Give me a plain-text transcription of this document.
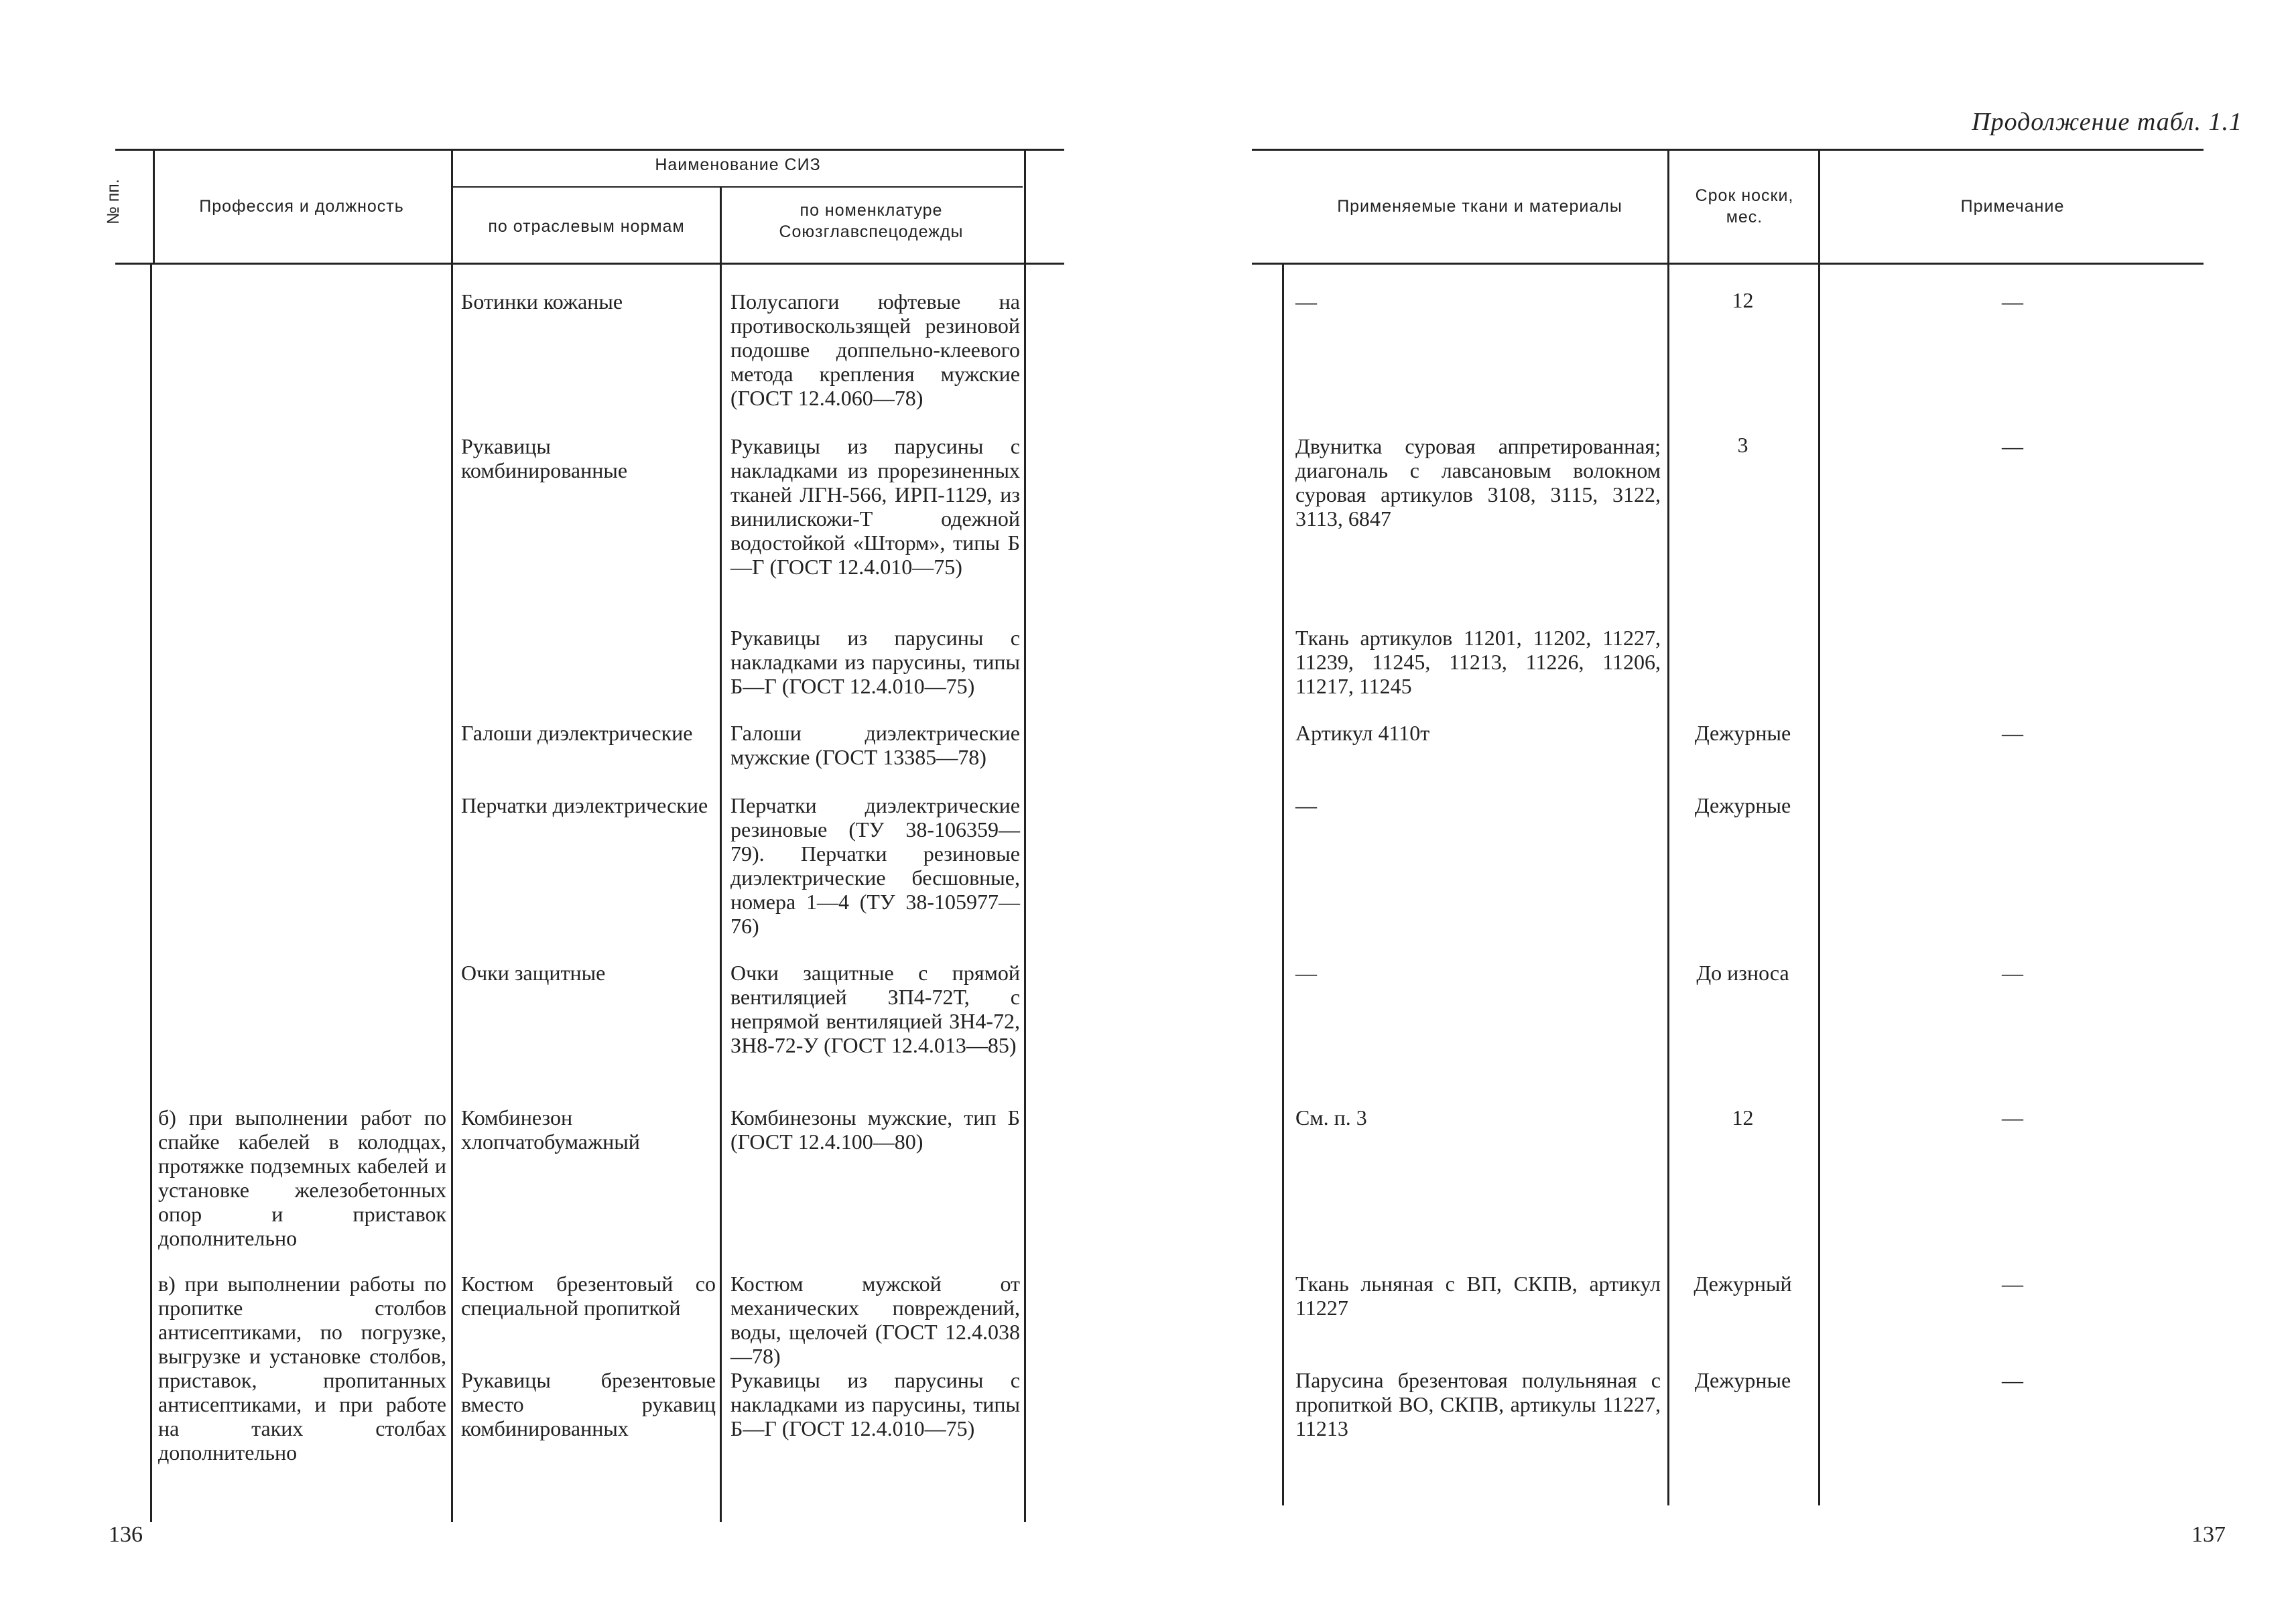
№ пп.	Профессия и должность
Наименование СИЗ
по отраслевым нормам
по номенклатуре Союзглавспецодежды
Ботинки кожаные
Рукавицы комбинированные
Галоши диэлектрические
Перчатки диэлектрические
Очки защитные
Комбинезон хлопчатобумажный
Костюм брезентовый со специальной пропиткой
Рукавицы брезентовые вместо рукавиц комбинированных
Полусапоги юфтевые на противоскользящей резиновой подошве доппельно-клеевого метода крепления мужские (ГОСТ 12.4.060—78)
Рукавицы из парусины с накладками из прорезиненных тканей ЛГН-566, ИРП-1129, из винилискожи-Т одежной водостойкой «Шторм», типы Б—Г (ГОСТ 12.4.010—75)
Рукавицы из парусины с накладками из парусины, типы Б—Г (ГОСТ 12.4.010—75)
Галоши диэлектрические мужские (ГОСТ 13385—78)
Перчатки диэлектрические резиновые (ТУ 38-106359—79). Перчатки резиновые диэлектрические бесшовные, номера 1—4 (ТУ 38-105977—76)
Очки защитные с прямой вентиляцией ЗП4-72Т, с непрямой вентиляцией ЗН4-72, ЗН8-72-У (ГОСТ 12.4.013—85)
Комбинезоны мужские, тип Б (ГОСТ 12.4.100—80)
Костюм мужской от механических повреждений, воды, щелочей (ГОСТ 12.4.038—78)
Рукавицы из парусины с накладками из парусины, типы Б—Г (ГОСТ 12.4.010—75)
б) при выполнении работ по спайке кабелей в колодцах, протяжке подземных кабелей и установке железобетонных опор и приставок дополнительно
в) при выполнении работы по пропитке столбов антисептиками, по погрузке, выгрузке и установке столбов, приставок, пропитанных антисептиками, и при работе на таких столбах дополнительно
136
Продолжение табл. 1.1
Применяемые ткани и материалы
Срок носки, мес.
Примечание
—
Двунитка суровая аппретированная; диагональ с лавсановым волокном суровая артикулов 3108, 3115, 3122, 3113, 6847
Ткань артикулов 11201, 11202, 11227, 11239, 11245, 11213, 11226, 11206, 11217, 11245
Артикул 4110т
—
—
См. п. 3
Ткань льняная с ВП, СКПВ, артикул 11227
Парусина брезентовая полульняная с пропиткой ВО, СКПВ, артикулы 11227, 11213
12
3
Дежурные
Дежурные
До износа
12
Дежурный
Дежурные
—
—
—
—
—
—
—
137
